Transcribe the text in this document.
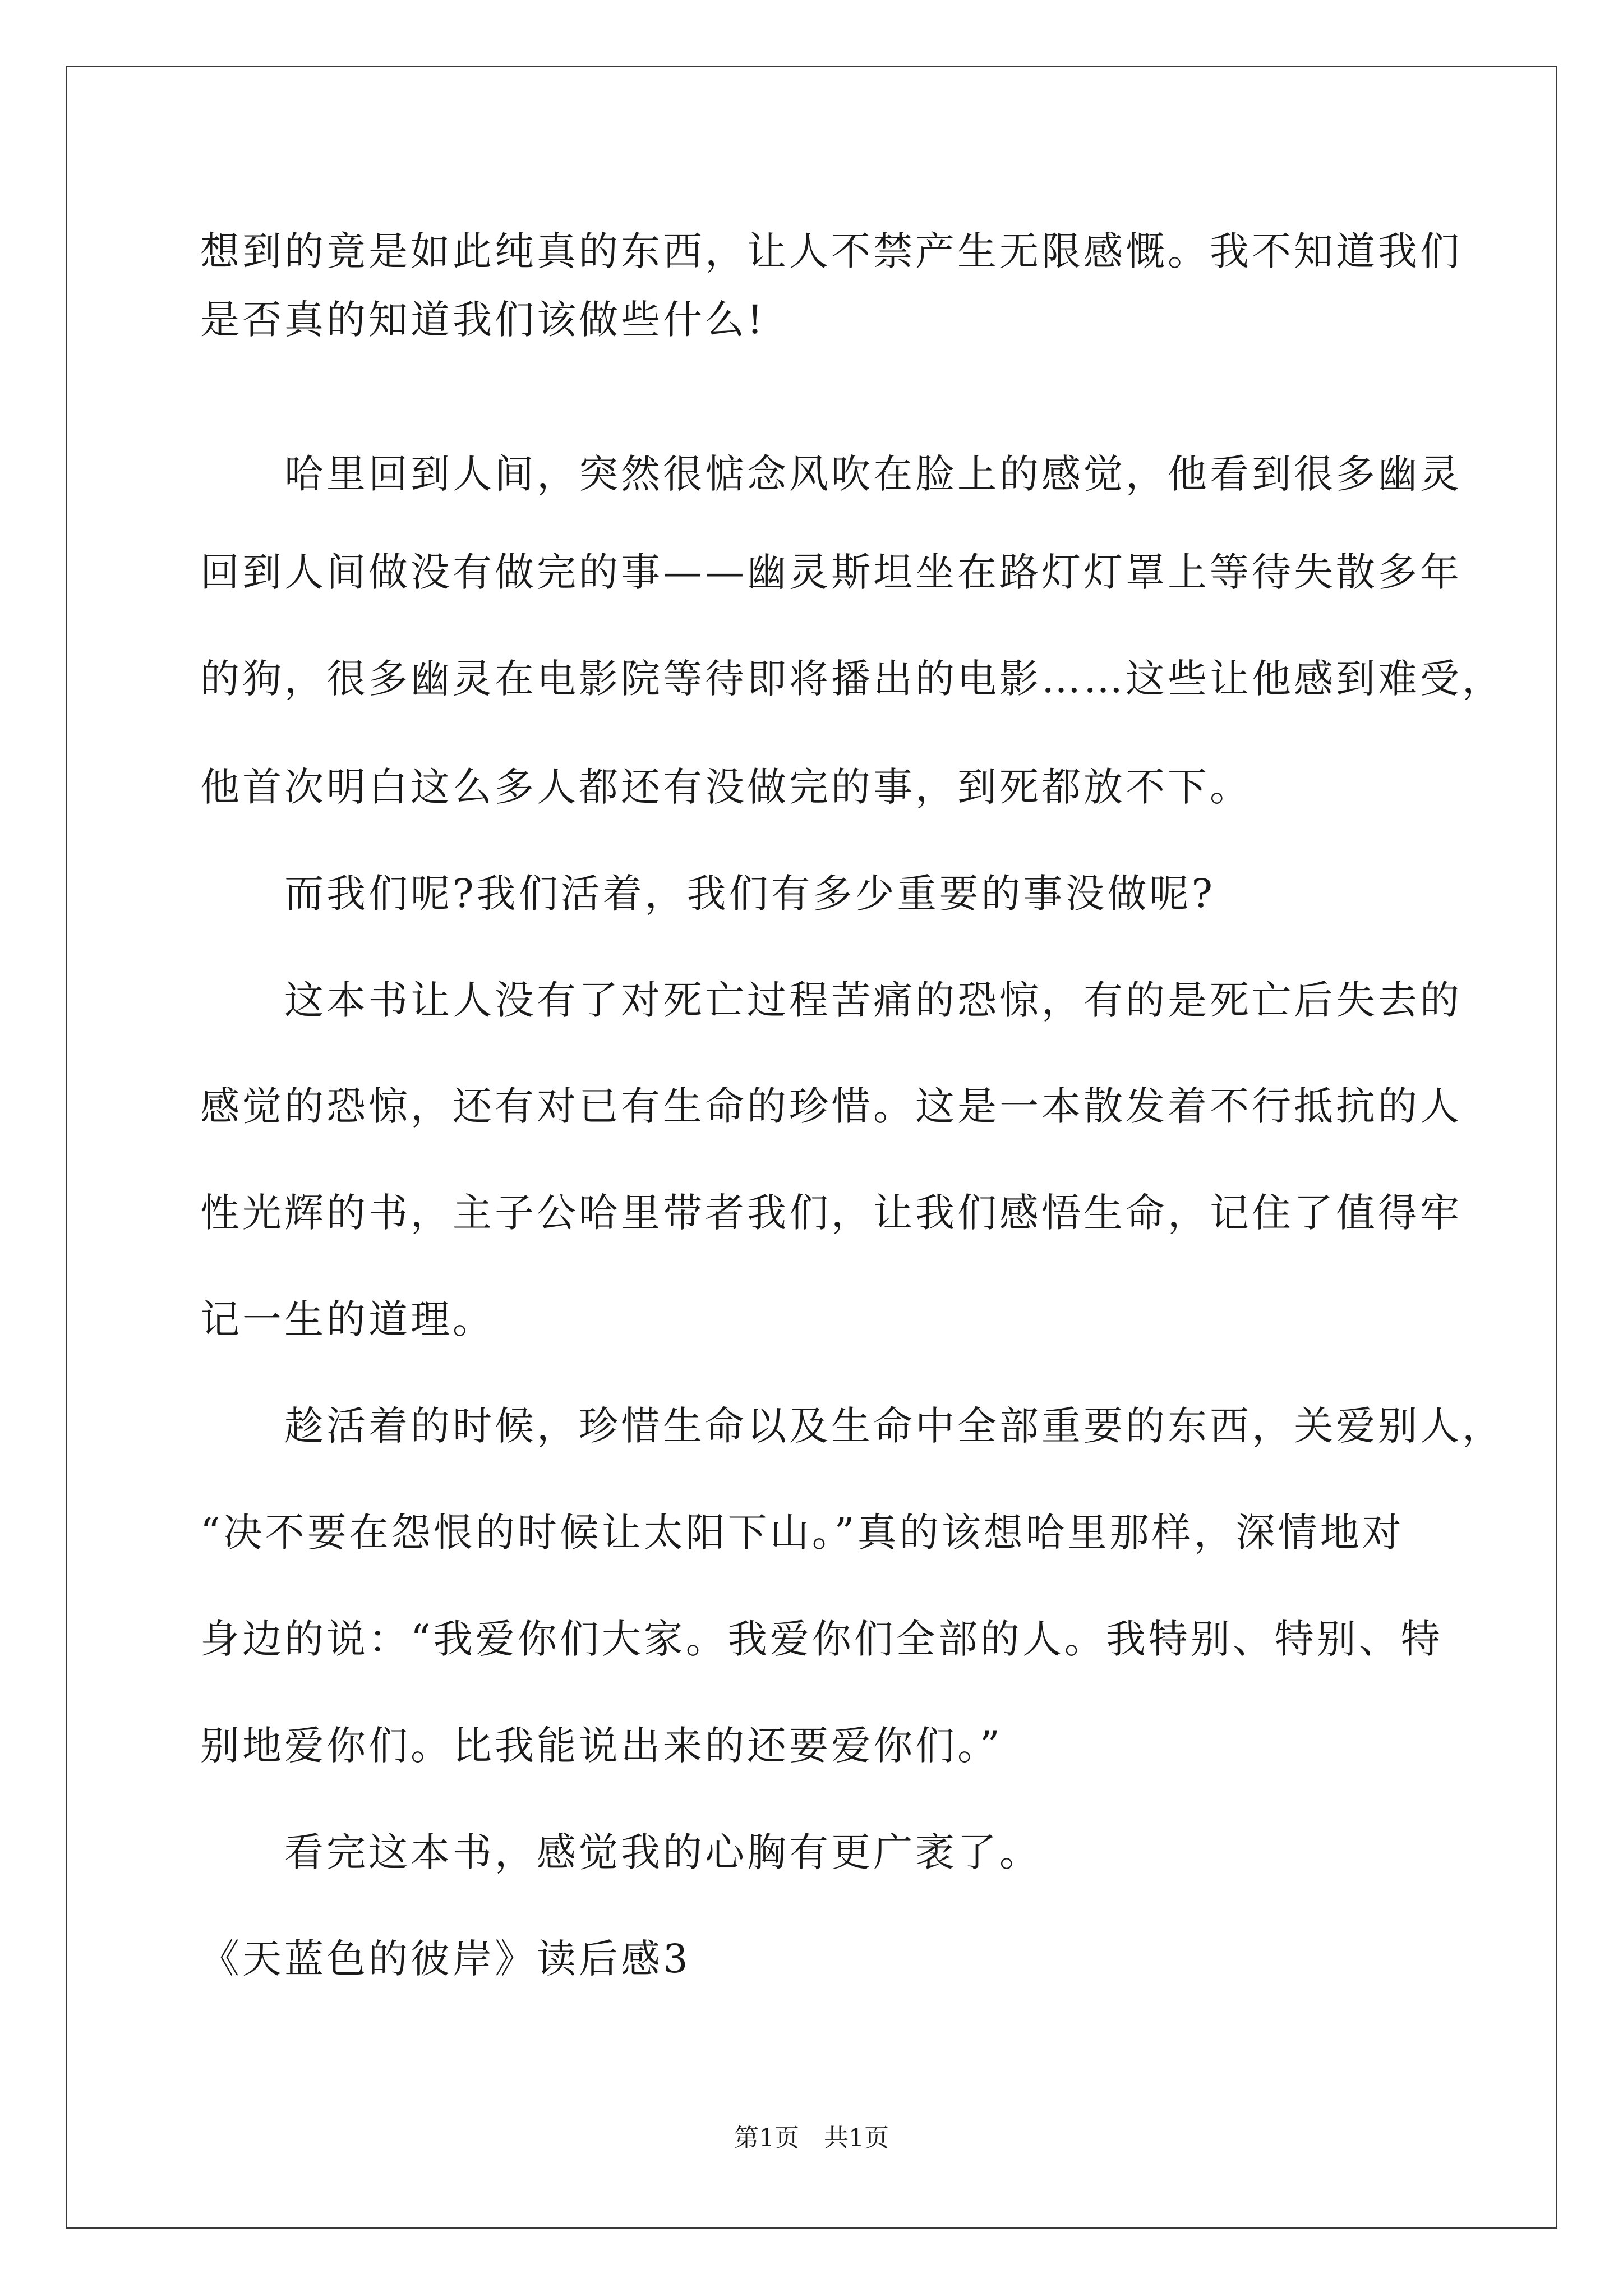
想到的竟是如此纯真的东西，让人不禁产生无限感慨。我不知道我们
是否真的知道我们该做些什么!
　　哈里回到人间，突然很惦念风吹在脸上的感觉，他看到很多幽灵
回到人间做没有做完的事——幽灵斯坦坐在路灯灯罩上等待失散多年
的狗，很多幽灵在电影院等待即将播出的电影……这些让他感到难受，
他首次明白这么多人都还有没做完的事，到死都放不下。
　　而我们呢?我们活着，我们有多少重要的事没做呢?
　　这本书让人没有了对死亡过程苦痛的恐惊，有的是死亡后失去的
感觉的恐惊，还有对已有生命的珍惜。这是一本散发着不行抵抗的人
性光辉的书，主子公哈里带者我们，让我们感悟生命，记住了值得牢
记一生的道理。
　　趁活着的时候，珍惜生命以及生命中全部重要的东西，关爱别人，
“决不要在怨恨的时候让太阳下山。”真的该想哈里那样，深情地对
身边的说：“我爱你们大家。我爱你们全部的人。我特别、特别、特
别地爱你们。比我能说出来的还要爱你们。”
　　看完这本书，感觉我的心胸有更广袤了。
《天蓝色的彼岸》读后感3
第1页　共1页
